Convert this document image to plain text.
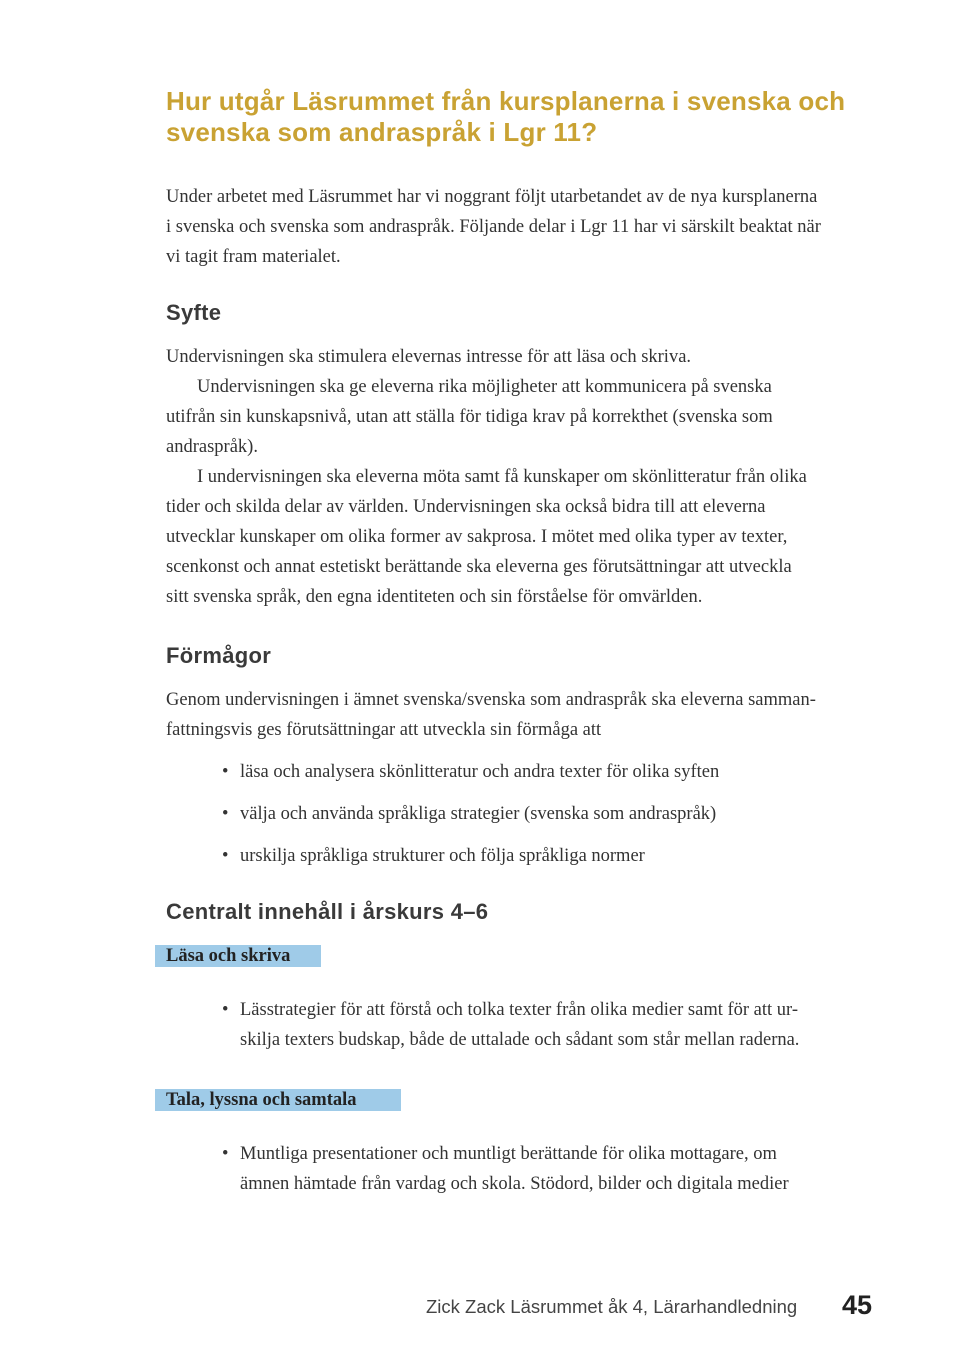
Hur utgår Läsrummet från kursplanerna i svenska och
svenska som andraspråk i Lgr 11?

Under arbetet med Läsrummet har vi noggrant följt utarbetandet av de nya kursplanerna
i svenska och svenska som andraspråk. Följande delar i Lgr 11 har vi särskilt beaktat när
vi tagit fram materialet.

Syfte
Undervisningen ska stimulera elevernas intresse för att läsa och skriva.
Undervisningen ska ge eleverna rika möjligheter att kommunicera på svenska
utifrån sin kunskapsnivå, utan att ställa för tidiga krav på korrekthet (svenska som
andraspråk).
I undervisningen ska eleverna möta samt få kunskaper om skönlitteratur från olika
tider och skilda delar av världen. Undervisningen ska också bidra till att eleverna
utvecklar kunskaper om olika former av sakprosa. I mötet med olika typer av texter,
scenkonst och annat estetiskt berättande ska eleverna ges förutsättningar att utveckla
sitt svenska språk, den egna identiteten och sin förståelse för omvärlden.
Förmågor

Genom undervisningen i ämnet svenska/svenska som andraspråk ska eleverna samman-
fattningsvis ges förutsättningar att utveckla sin förmåga att

• läsa och analysera skönlitteratur och andra texter för olika syften
• välja och använda språkliga strategier (svenska som andraspråk)
• urskilja språkliga strukturer och följa språkliga normer
Centralt innehåll i årskurs 4–6
Läsa och skriva
• Lässtrategier för att förstå och tolka texter från olika medier samt för att ur-
skilja texters budskap, både de uttalade och sådant som står mellan raderna.
Tala, lyssna och samtala
• Muntliga presentationer och muntligt berättande för olika mottagare, om
ämnen hämtade från vardag och skola. Stödord, bilder och digitala medier
Zick Zack Läsrummet åk 4, Lärarhandledning 45
